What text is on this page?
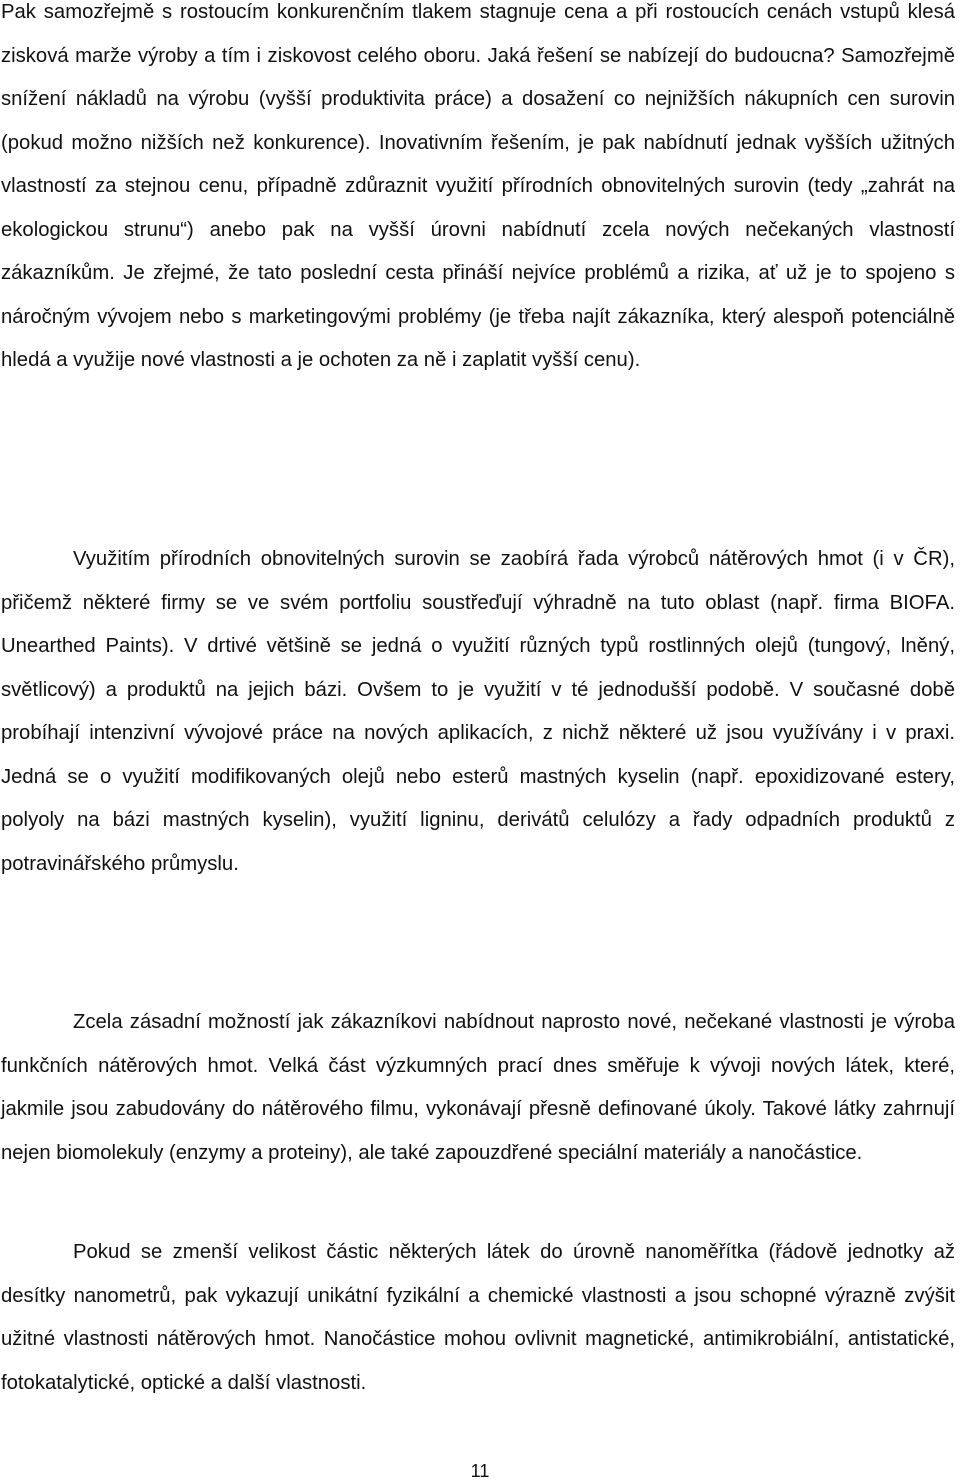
Pak samozřejmě s rostoucím konkurenčním tlakem stagnuje cena a při rostoucích cenách vstupů klesá zisková marže výroby a tím i ziskovost celého oboru. Jaká řešení se nabízejí do budoucna? Samozřejmě snížení nákladů na výrobu (vyšší produktivita práce) a dosažení co nejnižších nákupních cen surovin (pokud možno nižších než konkurence). Inovativním řešením, je pak nabídnutí jednak vyšších užitných vlastností za stejnou cenu, případně zdůraznit využití přírodních obnovitelných surovin (tedy „zahrát na ekologickou strunu“) anebo pak na vyšší úrovni nabídnutí zcela nových nečekaných vlastností zákazníkům. Je zřejmé, že tato poslední cesta přináší nejvíce problémů a rizika, ať už je to spojeno s náročným vývojem nebo s marketingovými problémy (je třeba najít zákazníka, který alespoň potenciálně hledá a využije nové vlastnosti a je ochoten za ně i zaplatit vyšší cenu).

Využitím přírodních obnovitelných surovin se zaobírá řada výrobců nátěrových hmot (i v ČR), přičemž některé firmy se ve svém portfoliu soustřeďují výhradně na tuto oblast (např. firma BIOFA. Unearthed Paints). V drtivé většině se jedná o využití různých typů rostlinných olejů (tungový, lněný, světlicový) a produktů na jejich bázi. Ovšem to je využití v té jednodušší podobě. V současné době probíhají intenzivní vývojové práce na nových aplikacích, z nichž některé už jsou využívány i v praxi. Jedná se o využití modifikovaných olejů nebo esterů mastných kyselin (např. epoxidizované estery, polyoly na bázi mastných kyselin), využití ligninu, derivátů celulózy a řady odpadních produktů z potravinářského průmyslu.

Zcela zásadní možností jak zákazníkovi nabídnout naprosto nové, nečekané vlastnosti je výroba funkčních nátěrových hmot. Velká část výzkumných prací dnes směřuje k vývoji nových látek, které, jakmile jsou zabudovány do nátěrového filmu, vykonávají přesně definované úkoly. Takové látky zahrnují nejen biomolekuly (enzymy a proteiny), ale také zapouzdřené speciální materiály a nanočástice.

Pokud se zmenší velikost částic některých látek do úrovně nanoměřítka (řádově jednotky až desítky nanometrů, pak vykazují unikátní fyzikální a chemické vlastnosti a jsou schopné výrazně zvýšit užitné vlastnosti nátěrových hmot. Nanočástice mohou ovlivnit magnetické, antimikrobiální, antistatické, fotokatalytické, optické a další vlastnosti.

11
